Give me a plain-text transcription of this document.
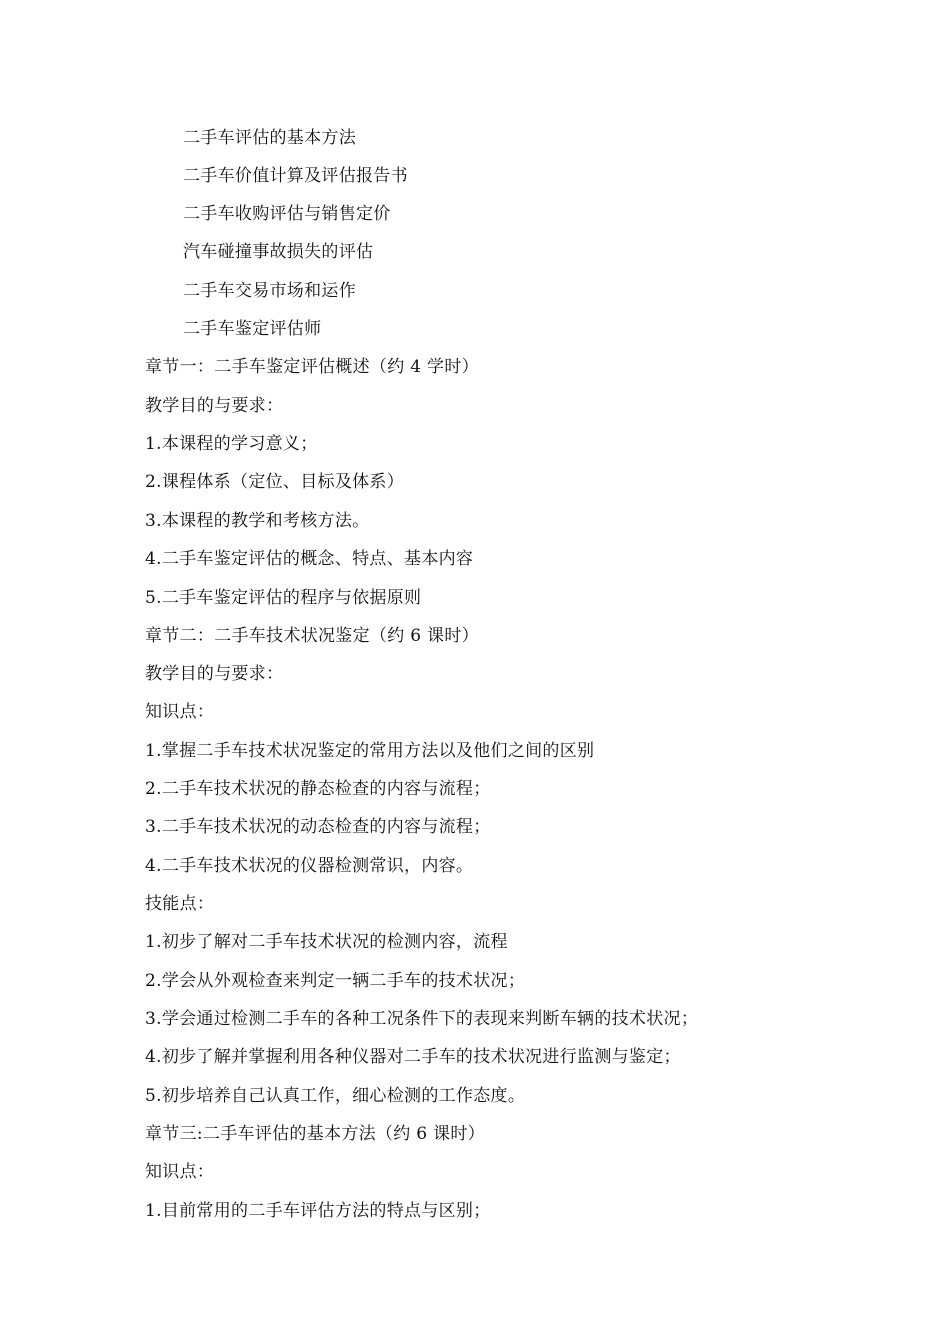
二手车评估的基本方法
二手车价值计算及评估报告书
二手车收购评估与销售定价
汽车碰撞事故损失的评估
二手车交易市场和运作
二手车鉴定评估师
章节一：二手车鉴定评估概述（约 4 学时）
教学目的与要求：
1.本课程的学习意义；
2.课程体系（定位、目标及体系）
3.本课程的教学和考核方法。
4.二手车鉴定评估的概念、特点、基本内容
5.二手车鉴定评估的程序与依据原则
章节二：二手车技术状况鉴定（约 6 课时）
教学目的与要求：
知识点：
1.掌握二手车技术状况鉴定的常用方法以及他们之间的区别
2.二手车技术状况的静态检查的内容与流程；
3.二手车技术状况的动态检查的内容与流程；
4.二手车技术状况的仪器检测常识，内容。
技能点：
1.初步了解对二手车技术状况的检测内容，流程
2.学会从外观检查来判定一辆二手车的技术状况；
3.学会通过检测二手车的各种工况条件下的表现来判断车辆的技术状况；
4.初步了解并掌握利用各种仪器对二手车的技术状况进行监测与鉴定；
5.初步培养自己认真工作，细心检测的工作态度。
章节三:二手车评估的基本方法（约 6 课时）
知识点：
1.目前常用的二手车评估方法的特点与区别；
